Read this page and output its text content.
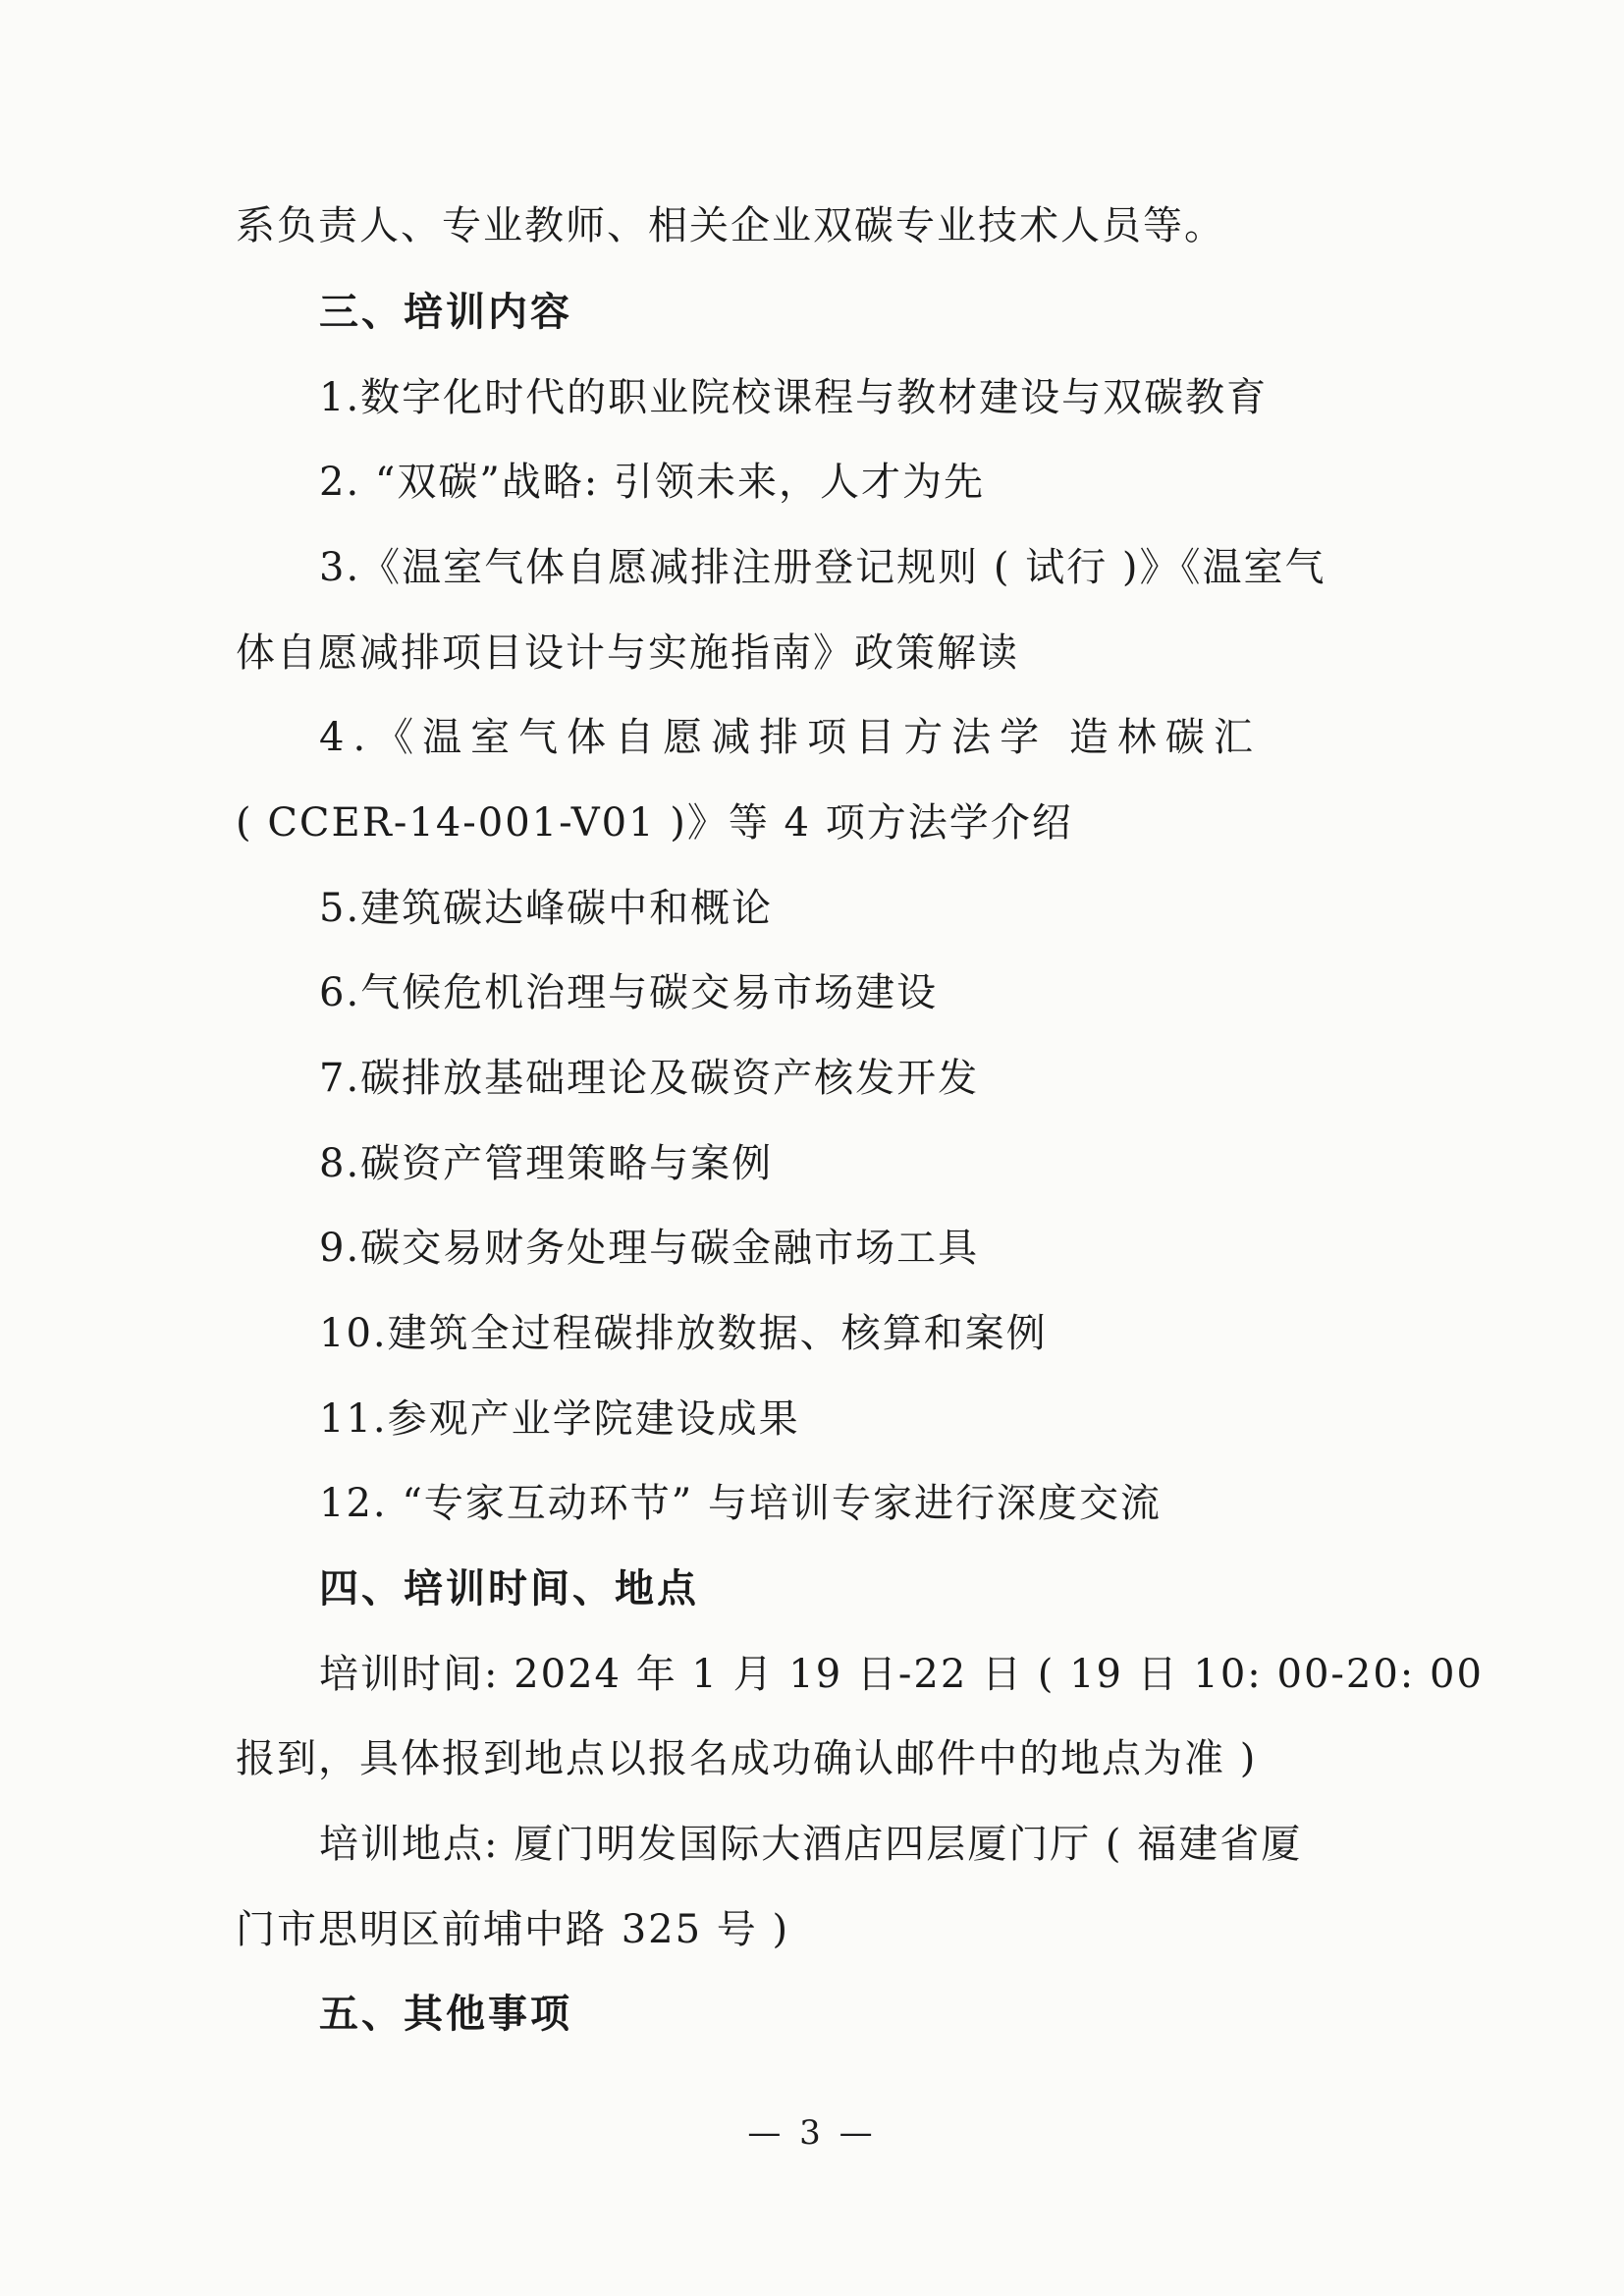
系负责人、专业教师、相关企业双碳专业技术人员等。
三、培训内容
1.数字化时代的职业院校课程与教材建设与双碳教育
2. “双碳”战略: 引领未来，人才为先
3.《温室气体自愿减排注册登记规则 ( 试行 )》《温室气
体自愿减排项目设计与实施指南》政策解读
4.《温室气体自愿减排项目方法学 造林碳汇
( CCER-14-001-V01 )》等 4 项方法学介绍
5.建筑碳达峰碳中和概论
6.气候危机治理与碳交易市场建设
7.碳排放基础理论及碳资产核发开发
8.碳资产管理策略与案例
9.碳交易财务处理与碳金融市场工具
10.建筑全过程碳排放数据、核算和案例
11.参观产业学院建设成果
12. “专家互动环节” 与培训专家进行深度交流
四、培训时间、地点
培训时间: 2024 年 1 月 19 日-22 日 ( 19 日 10: 00-20: 00
报到，具体报到地点以报名成功确认邮件中的地点为准 )
培训地点: 厦门明发国际大酒店四层厦门厅 ( 福建省厦
门市思明区前埔中路 325 号 )
五、其他事项
— 3 —
